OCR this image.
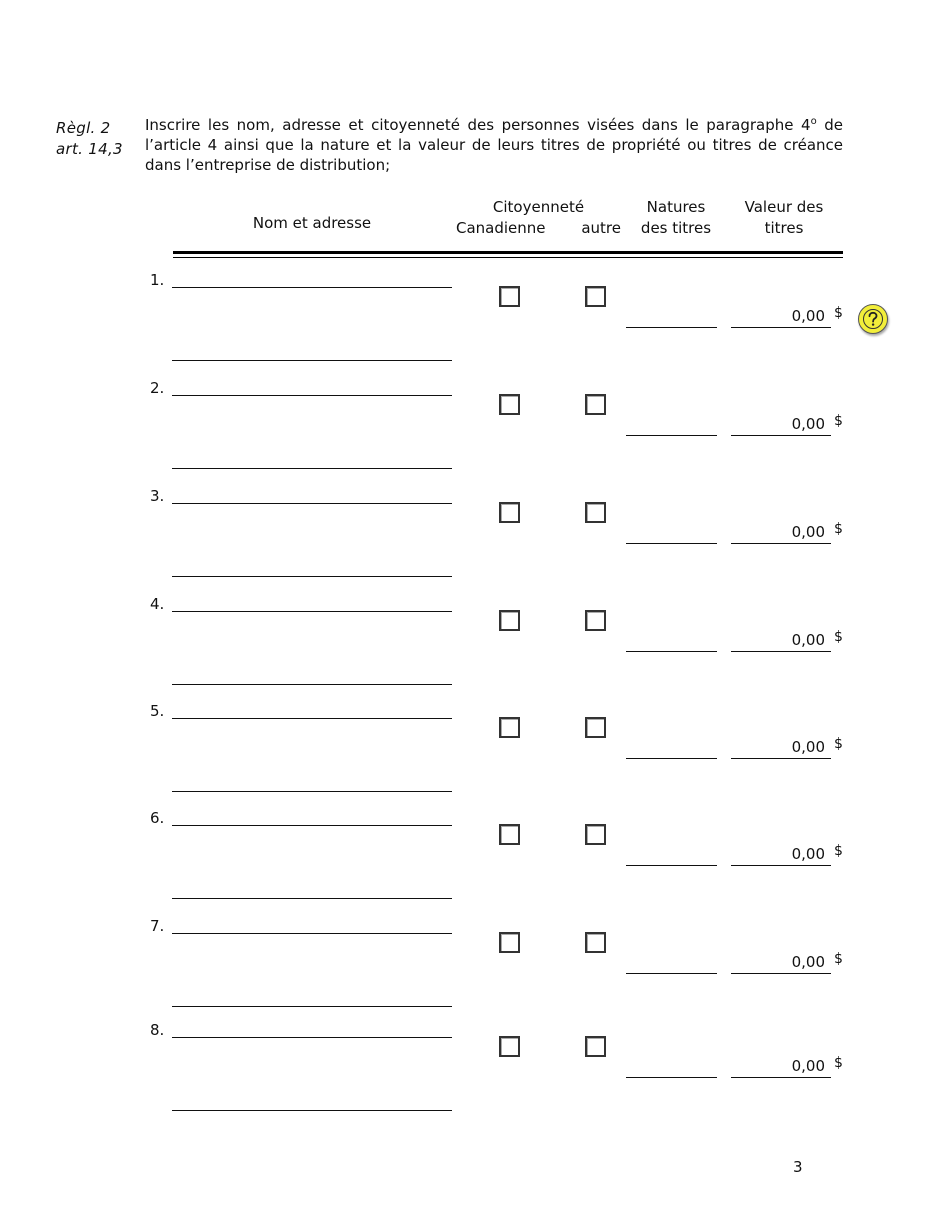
Règl. 2
art. 14,3
Inscrire les nom, adresse et citoyenneté des personnes visées dans le paragraphe 4$^o$ de l’article 4 ainsi que la nature et la valeur de leurs titres de propriété ou titres de créance dans l’entreprise de distribution;
Nom et adresse
Citoyenneté
Canadienne autre
Natures
des titres
Valeur des
titres
1.
0,00 $
2.
0,00 $
3.
0,00 $
4.
0,00 $
5.
0,00 $
6.
0,00 $
7.
0,00 $
8.
0,00 $
3
